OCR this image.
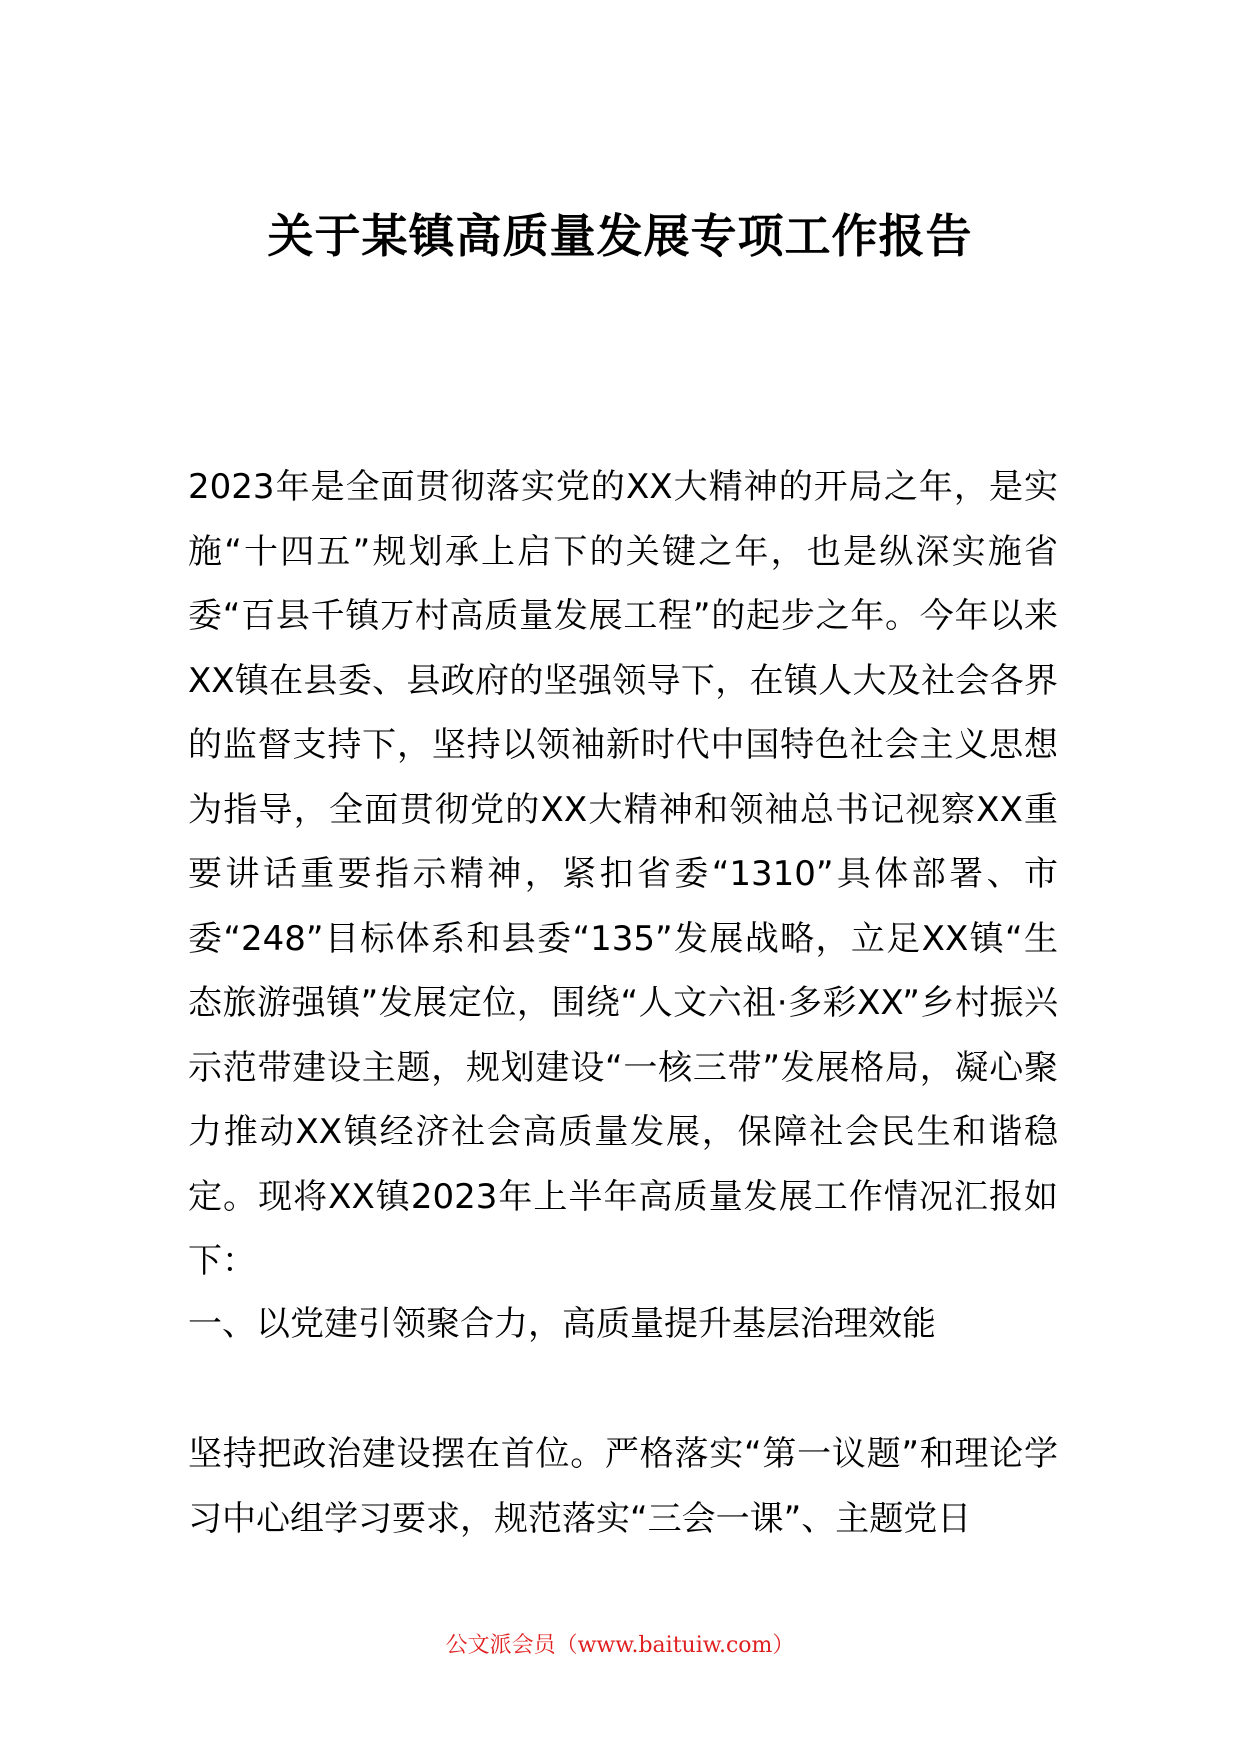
关于某镇高质量发展专项工作报告

2023年是全面贯彻落实党的XX大精神的开局之年，是实施“十四五”规划承上启下的关键之年，也是纵深实施省委“百县千镇万村高质量发展工程”的起步之年。今年以来XX镇在县委、县政府的坚强领导下，在镇人大及社会各界的监督支持下，坚持以领袖新时代中国特色社会主义思想为指导，全面贯彻党的XX大精神和领袖总书记视察XX重要讲话重要指示精神，紧扣省委“1310”具体部署、市委“248”目标体系和县委“135”发展战略，立足XX镇“生态旅游强镇”发展定位，围绕“人文六祖·多彩XX”乡村振兴示范带建设主题，规划建设“一核三带”发展格局，凝心聚力推动XX镇经济社会高质量发展，保障社会民生和谐稳定。现将XX镇2023年上半年高质量发展工作情况汇报如下：

一、以党建引领聚合力，高质量提升基层治理效能

坚持把政治建设摆在首位。严格落实“第一议题”和理论学习中心组学习要求，规范落实“三会一课”、主题党日

公文派会员（www.baituiw.com）
